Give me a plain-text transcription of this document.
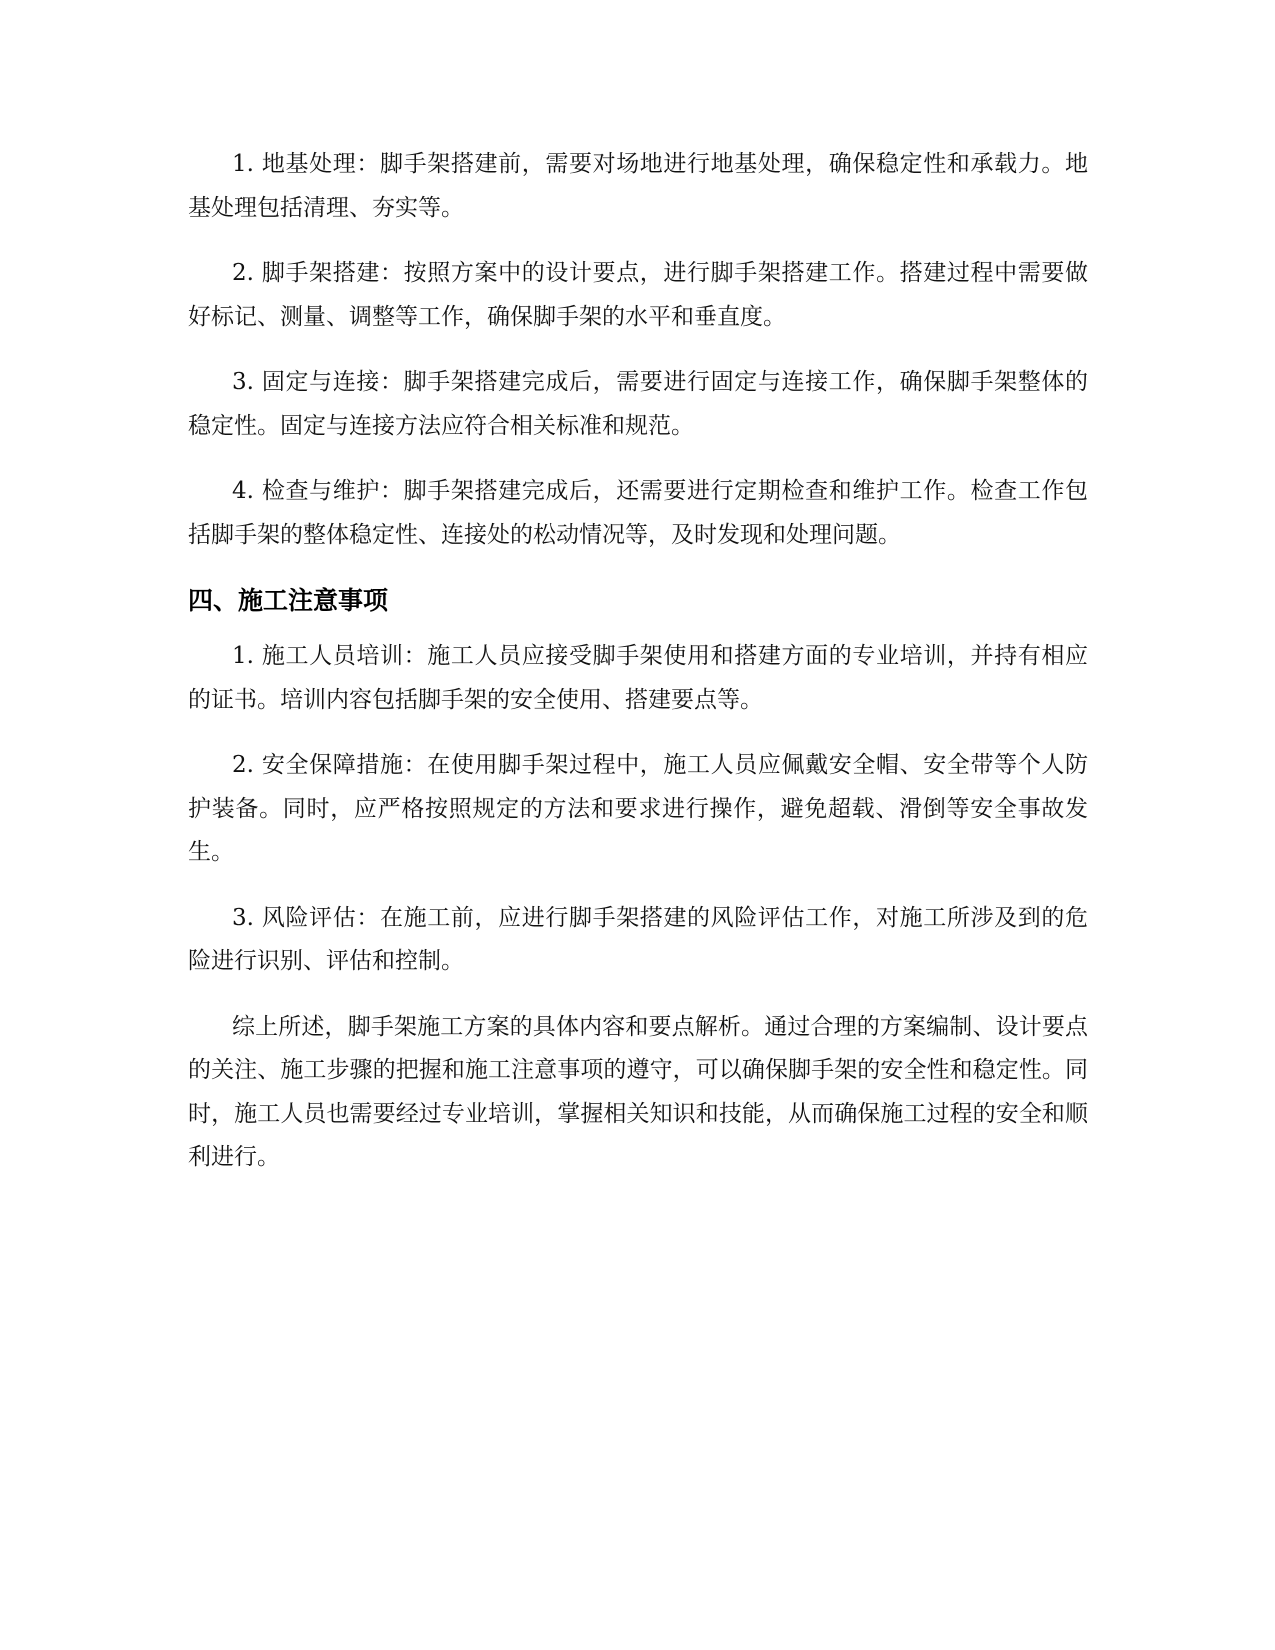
1. 地基处理：脚手架搭建前，需要对场地进行地基处理，确保稳定性和承载力。地基处理包括清理、夯实等。

2. 脚手架搭建：按照方案中的设计要点，进行脚手架搭建工作。搭建过程中需要做好标记、测量、调整等工作，确保脚手架的水平和垂直度。

3. 固定与连接：脚手架搭建完成后，需要进行固定与连接工作，确保脚手架整体的稳定性。固定与连接方法应符合相关标准和规范。

4. 检查与维护：脚手架搭建完成后，还需要进行定期检查和维护工作。检查工作包括脚手架的整体稳定性、连接处的松动情况等，及时发现和处理问题。

四、施工注意事项

1. 施工人员培训：施工人员应接受脚手架使用和搭建方面的专业培训，并持有相应的证书。培训内容包括脚手架的安全使用、搭建要点等。

2. 安全保障措施：在使用脚手架过程中，施工人员应佩戴安全帽、安全带等个人防护装备。同时，应严格按照规定的方法和要求进行操作，避免超载、滑倒等安全事故发生。

3. 风险评估：在施工前，应进行脚手架搭建的风险评估工作，对施工所涉及到的危险进行识别、评估和控制。

综上所述，脚手架施工方案的具体内容和要点解析。通过合理的方案编制、设计要点的关注、施工步骤的把握和施工注意事项的遵守，可以确保脚手架的安全性和稳定性。同时，施工人员也需要经过专业培训，掌握相关知识和技能，从而确保施工过程的安全和顺利进行。
